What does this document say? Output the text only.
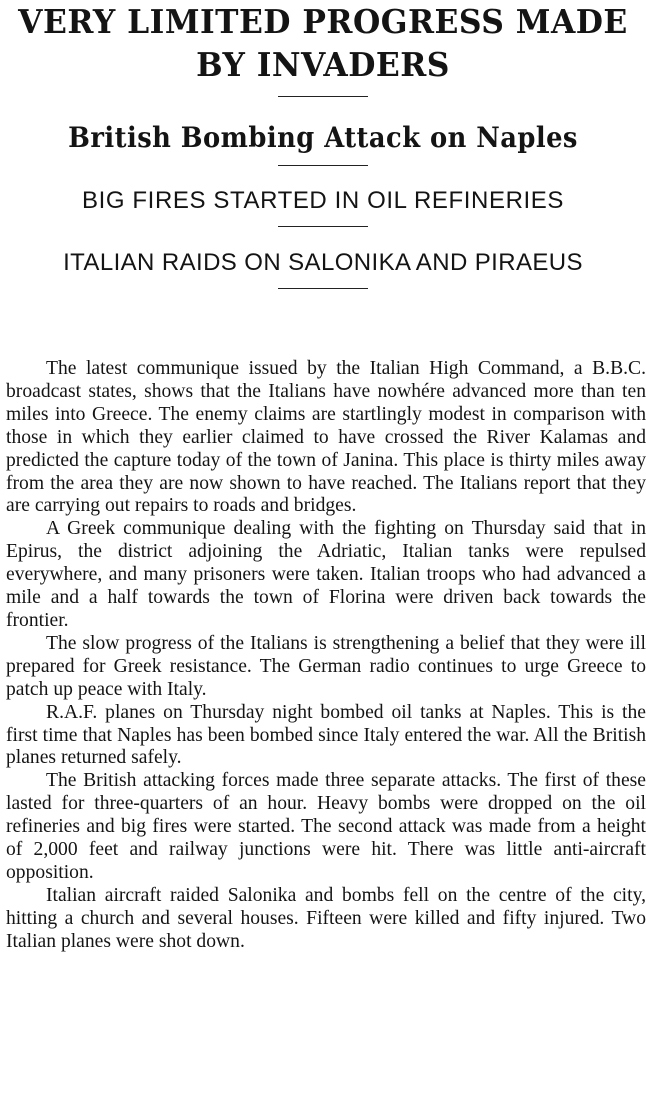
VERY LIMITED PROGRESS MADE BY INVADERS
British Bombing Attack on Naples
BIG FIRES STARTED IN OIL REFINERIES
ITALIAN RAIDS ON SALONIKA AND PIRAEUS

The latest communique issued by the Italian High Command, a B.B.C. broadcast states, shows that the Italians have nowhére advanced more than ten miles into Greece. The enemy claims are startlingly modest in comparison with those in which they earlier claimed to have crossed the River Kalamas and predicted the capture today of the town of Janina. This place is thirty miles away from the area they are now shown to have reached. The Italians report that they are carrying out repairs to roads and bridges.

A Greek communique dealing with the fighting on Thursday said that in Epirus, the district adjoining the Adriatic, Italian tanks were repulsed everywhere, and many prisoners were taken. Italian troops who had advanced a mile and a half towards the town of Florina were driven back towards the frontier.

The slow progress of the Italians is strengthening a belief that they were ill prepared for Greek resistance. The German radio continues to urge Greece to patch up peace with Italy.

R.A.F. planes on Thursday night bombed oil tanks at Naples. This is the first time that Naples has been bombed since Italy entered the war. All the British planes returned safely.

The British attacking forces made three separate attacks. The first of these lasted for three-quarters of an hour. Heavy bombs were dropped on the oil refineries and big fires were started. The second attack was made from a height of 2,000 feet and railway junctions were hit. There was little anti-aircraft opposition.

Italian aircraft raided Salonika and bombs fell on the centre of the city, hitting a church and several houses. Fifteen were killed and fifty injured. Two Italian planes were shot down.
